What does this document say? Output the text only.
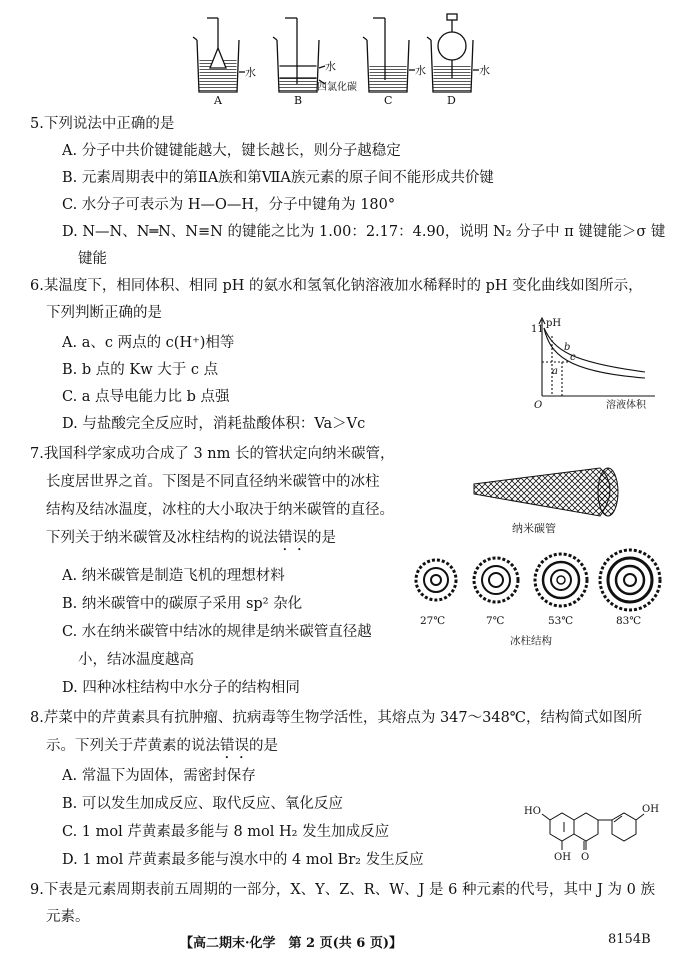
A	B	C	D
水	水
四氯化碳
水	水
5.下列说法中正确的是
A. 分子中共价键键能越大，键长越长，则分子越稳定
B. 元素周期表中的第ⅡA族和第ⅦA族元素的原子间不能形成共价键
C. 水分子可表示为 H—O—H，分子中键角为 180°
D. N—N、N═N、N≡N 的键能之比为 1.00：2.17：4.90，说明 N₂ 分子中 π 键键能＞σ 键
键能
6.某温度下，相同体积、相同 pH 的氨水和氢氧化钠溶液加水稀释时的 pH 变化曲线如图所示，
下列判断正确的是
A. a、c 两点的 c(H⁺)相等
B. b 点的 Kw 大于 c 点
C. a 点导电能力比 b 点强
D. 与盐酸完全反应时，消耗盐酸体积：Va＞Vc
pH
11
b
c
a
O	溶液体积
7.我国科学家成功合成了 3 nm 长的管状定向纳米碳管，
长度居世界之首。下图是不同直径纳米碳管中的冰柱
结构及结冰温度，冰柱的大小取决于纳米碳管的直径。
下列关于纳米碳管及冰柱结构的说法错误的是
A. 纳米碳管是制造飞机的理想材料
B. 纳米碳管中的碳原子采用 sp² 杂化
C. 水在纳米碳管中结冰的规律是纳米碳管直径越
小，结冰温度越高
D. 四种冰柱结构中水分子的结构相同
纳米碳管
27℃	7℃	53℃	83℃
冰柱结构
8.芹菜中的芹黄素具有抗肿瘤、抗病毒等生物学活性，其熔点为 347～348℃，结构简式如图所
示。下列关于芹黄素的说法错误的是
A. 常温下为固体，需密封保存
B. 可以发生加成反应、取代反应、氧化反应
C. 1 mol 芹黄素最多能与 8 mol H₂ 发生加成反应
D. 1 mol 芹黄素最多能与溴水中的 4 mol Br₂ 发生反应
OH
HO
OH O
9.下表是元素周期表前五周期的一部分，X、Y、Z、R、W、J 是 6 种元素的代号，其中 J 为 0 族
元素。
【高二期末·化学　第 2 页(共 6 页)】	8154B
